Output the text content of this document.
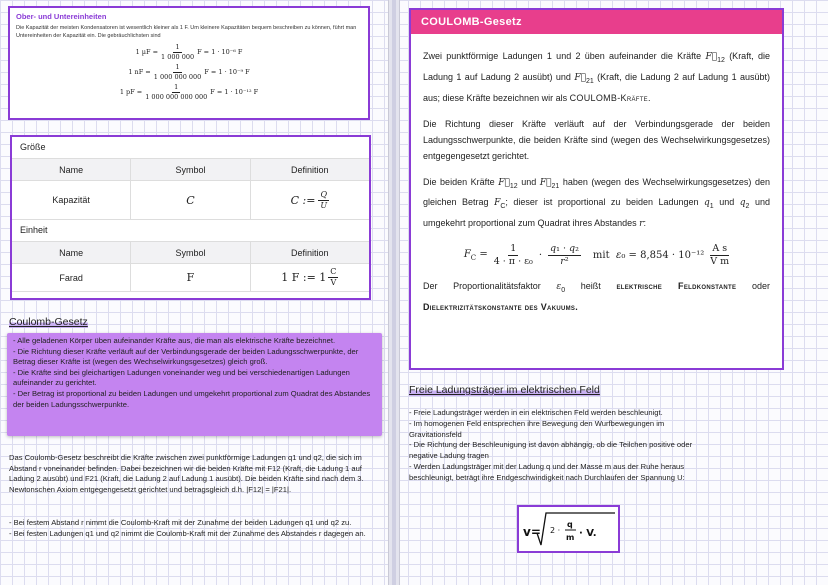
Ober- und Untereinheiten
Die Kapazität der meisten Kondensatoren ist wesentlich kleiner als 1 F. Um kleinere Kapazitäten bequem beschreiben zu können, führt man Untereinheiten der Kapazität ein. Die gebräuchlichsten sind
1 $\mu F = \frac{1}{1 000 000}$ F = 1 · 10⁻⁶ F
1 nF = $\frac{1}{1 000 000 000}$ F = 1 · 10⁻⁹ F
1 pF = $\frac{1}{1 000 000 000 000}$ F = 1 · 10⁻¹² F
Größe
Name	Symbol	Definition
Kapazität	C	C := $\frac{Q}{U}$
Einheit
Name	Symbol	Definition
Farad	F	1 F := $1 \frac{C}{V}$
Coulomb-Gesetz
- Alle geladenen Körper üben aufeinander Kräfte aus, die man als elektrische Kräfte bezeichnet.
- Die Richtung dieser Kräfte verläuft auf der Verbindungsgerade der beiden Ladungsschwerpunkte, der Betrag dieser Kräfte ist (wegen des Wechselwirkungsgesetzes) gleich groß.
- Die Kräfte sind bei gleichartigen Ladungen voneinander weg und bei verschiedenartigen Ladungen aufeinander zu gerichtet.
- Der Betrag ist proportional zu beiden Ladungen und umgekehrt proportional zum Quadrat des Abstandes der beiden Ladungsschwerpunkte.
Das Coulomb-Gesetz beschreibt die Kräfte zwischen zwei punktförmige Ladungen q1 und q2, die sich im Abstand r voneinander befinden. Dabei bezeichnen wir die beiden Kräfte mit F12 (Kraft, die Ladung 1 auf Ladung 2 ausübt) und F21 (Kraft, die Ladung 2 auf Ladung 1 ausübt). Die beiden Kräfte sind nach dem 3. Newtonschen Axiom entgegengesetzt gerichtet und betragsgleich d.h. |F12| = |F21|.
- Bei festem Abstand r nimmt die Coulomb-Kraft mit der Zunahme der beiden Ladungen q1 und q2 zu.
- Bei festen Ladungen q1 und q2 nimmt die Coulomb-Kraft mit der Zunahme des Abstandes r dagegen an.
COULOMB-Gesetz
Zwei punktförmige Ladungen 1 und 2 üben aufeinander die Kräfte $F⃗_{12}$ (Kraft, die Ladung 1 auf Ladung 2 ausübt) und $F⃗_{21}$ (Kraft, die Ladung 2 auf Ladung 1 ausübt) aus; diese Kräfte bezeichnen wir als COULOMB-Kräfte.
Die Richtung dieser Kräfte verläuft auf der Verbindungsgerade der beiden Ladungsschwerpunkte, die beiden Kräfte sind (wegen des Wechselwirkungsgesetzes) entgegengesetzt gerichtet.
Die beiden Kräfte $F⃗_{12}$ und $F⃗_{21}$ haben (wegen des Wechselwirkungsgesetzes) den gleichen Betrag $F_C$; dieser ist proportional zu beiden Ladungen $q_1$ und $q_2$ und umgekehrt proportional zum Quadrat ihres Abstandes r:
$F_C = \frac{1}{\text{4 · π · ε₀}} \cdot \frac{\text{q₁ · q₂}}{\text{r²}}$ mit  $\varepsilon_0 = 8,854 \cdot 10^{-12} \frac{\text{A s}}{\text{V m}}$
Der Proportionalitätsfaktor $\varepsilon_0$ heißt elektrische Feldkonstante oder Dielektrizitätskonstante des Vakuums.
Freie Ladungsträger im elektrischen Feld
- Freie Ladungsträger werden in ein elektrischen Feld werden beschleunigt.
- Im homogenen Feld entsprechen ihre Bewegung den Wurfbewegungen im Gravitationsfeld
- Die Richtung der Beschleunigung ist davon abhängig, ob die Teilchen positive oder negative Ladung tragen
- Werden Ladungsträger mit der Ladung q und der Masse m aus der Ruhe heraus beschleunigt, beträgt ihre Endgeschwindigkeit nach Durchlaufen der Spannung U:
v= 2 ·
q
m · V.
